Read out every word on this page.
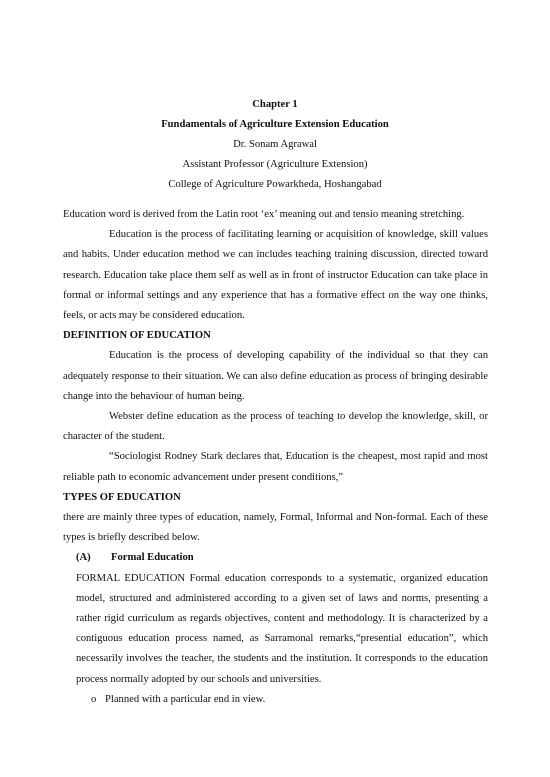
Chapter 1
Fundamentals of Agriculture Extension Education
Dr. Sonam Agrawal
Assistant Professor (Agriculture Extension)
College of Agriculture Powarkheda, Hoshangabad
Education word is derived from the Latin root ‘ex’ meaning out and tensio meaning stretching.
Education is the process of facilitating learning or acquisition of knowledge, skill values and habits. Under education method we can includes teaching training discussion, directed toward research. Education take place them self as well as in front of instructor Education can take place in formal or informal settings and any experience that has a formative effect on the way one thinks, feels, or acts may be considered education.
DEFINITION OF EDUCATION
Education is the process of developing capability of the individual so that they can adequately response to their situation. We can also define education as process of bringing desirable change into the behaviour of human being.
Webster define education as the process of teaching to develop the knowledge, skill, or character of the student.
“Sociologist Rodney Stark declares that, Education is the cheapest, most rapid and most reliable path to economic advancement under present conditions,”
TYPES OF EDUCATION
there are mainly three types of education, namely, Formal, Informal and Non-formal. Each of these types is briefly described below.
(A) Formal Education
FORMAL EDUCATION Formal education corresponds to a systematic, organized education model, structured and administered according to a given set of laws and norms, presenting a rather rigid curriculum as regards objectives, content and methodology. It is characterized by a contiguous education process named, as Sarramonal remarks,“presential education”, which necessarily involves the teacher, the students and the institution. It corresponds to the education process normally adopted by our schools and universities.
o Planned with a particular end in view.
